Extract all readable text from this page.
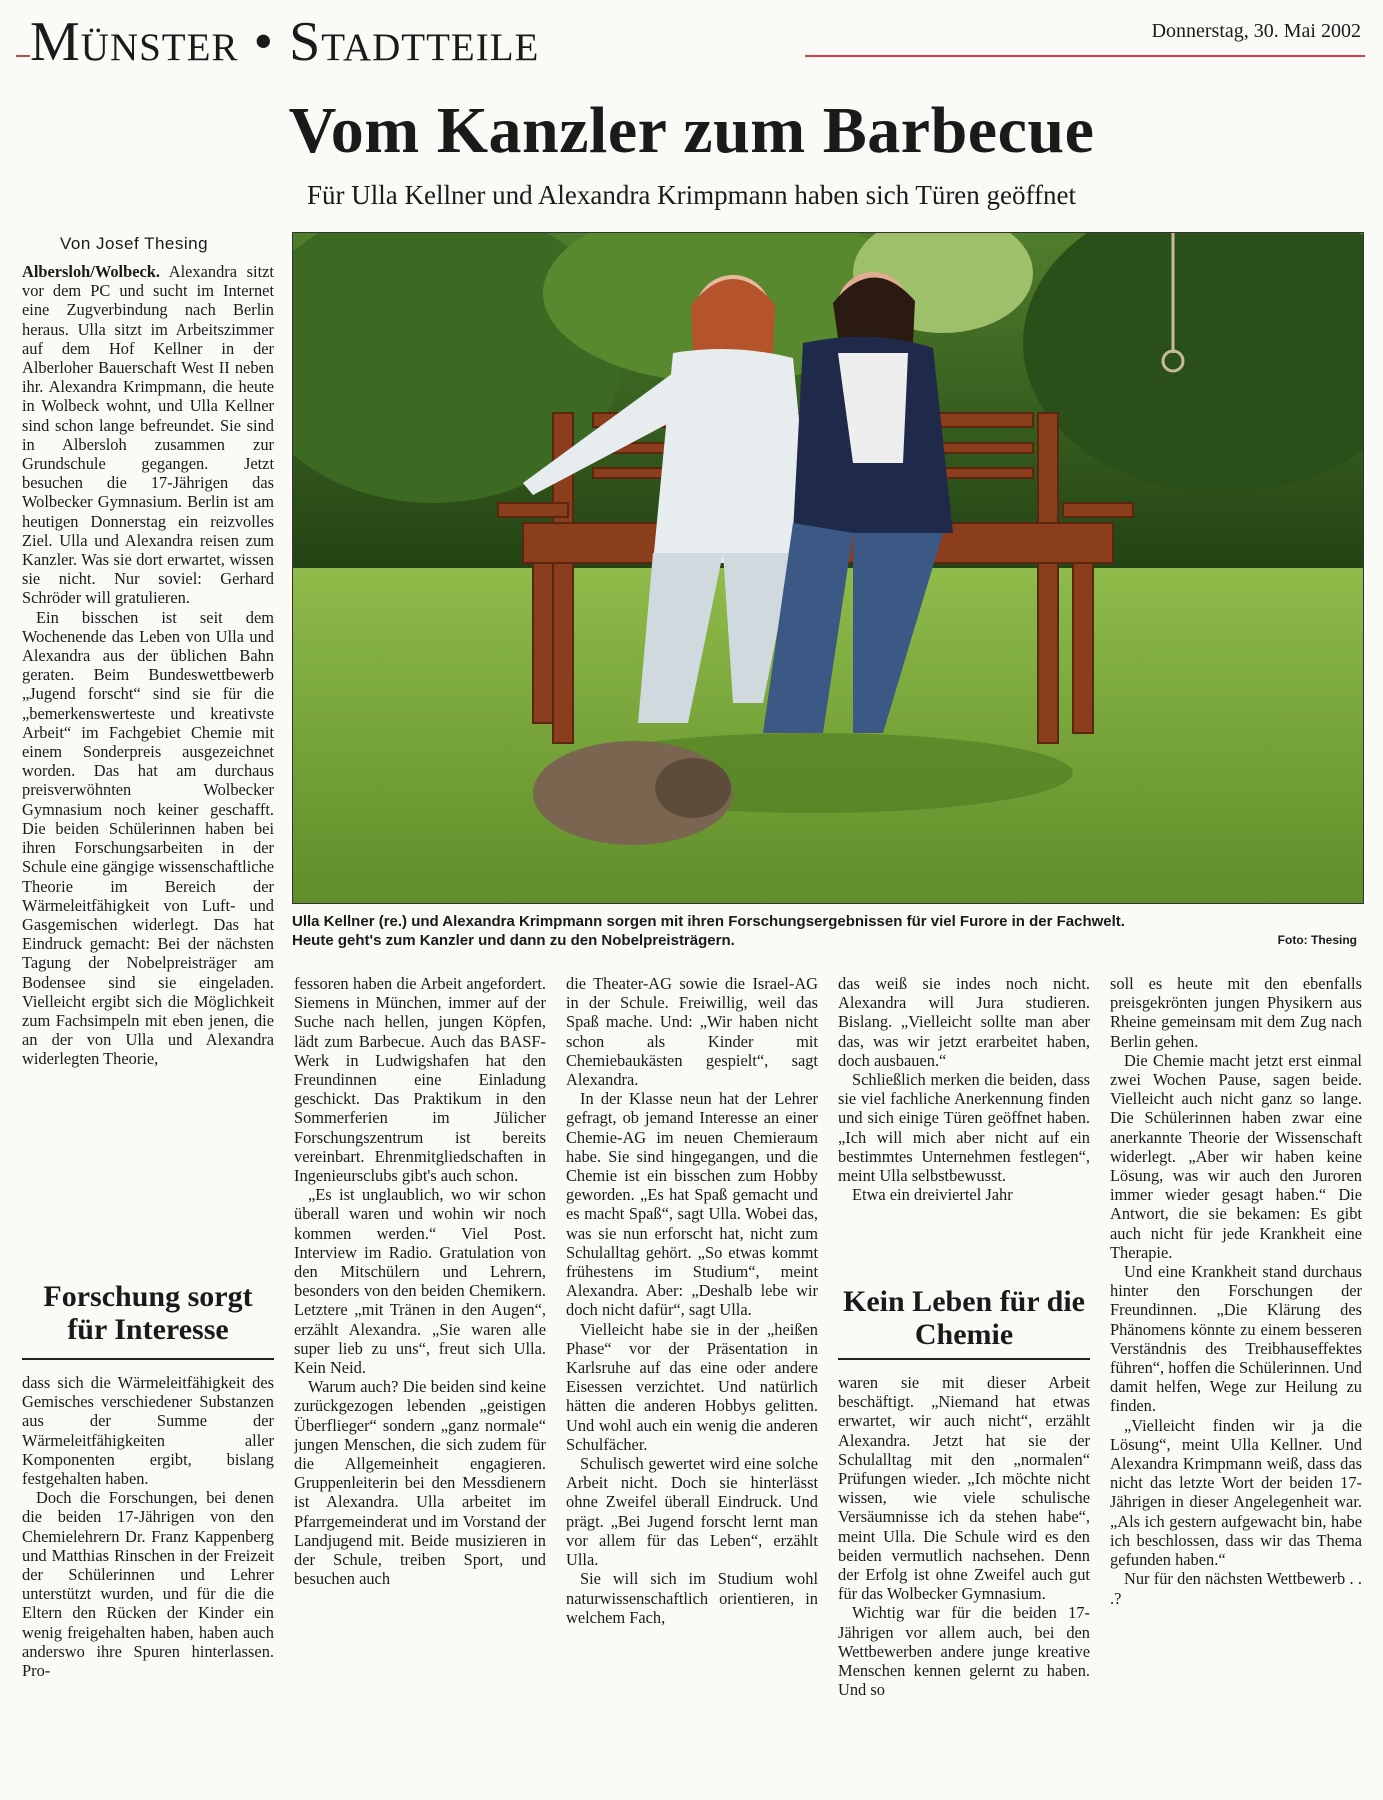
Münster • Stadtteile	Donnerstag, 30. Mai 2002
Vom Kanzler zum Barbecue
Für Ulla Kellner und Alexandra Krimpmann haben sich Türen geöffnet
Von Josef Thesing
Ulla Kellner (re.) und Alexandra Krimpmann sorgen mit ihren Forschungsergebnissen für viel Furore in der Fachwelt.
Heute geht's zum Kanzler und dann zu den Nobelpreisträgern.	Foto: Thesing

Albersloh/Wolbeck. Alexandra sitzt vor dem PC und sucht im Internet eine Zugverbindung nach Berlin heraus. Ulla sitzt im Arbeitszimmer auf dem Hof Kellner in der Alberloher Bauerschaft West II neben ihr. Alexandra Krimpmann, die heute in Wolbeck wohnt, und Ulla Kellner sind schon lange befreundet. Sie sind in Albersloh zusammen zur Grundschule gegangen. Jetzt besuchen die 17-Jährigen das Wolbecker Gymnasium. Berlin ist am heutigen Donnerstag ein reizvolles Ziel. Ulla und Alexandra reisen zum Kanzler. Was sie dort erwartet, wissen sie nicht. Nur soviel: Gerhard Schröder will gratulieren.

Ein bisschen ist seit dem Wochenende das Leben von Ulla und Alexandra aus der üblichen Bahn geraten. Beim Bundeswettbewerb „Jugend forscht“ sind sie für die „bemerkenswerteste und kreativste Arbeit“ im Fachgebiet Chemie mit einem Sonderpreis ausgezeichnet worden. Das hat am durchaus preisverwöhnten Wolbecker Gymnasium noch keiner geschafft. Die beiden Schülerinnen haben bei ihren Forschungsarbeiten in der Schule eine gängige wissenschaftliche Theorie im Bereich der Wärmeleitfähigkeit von Luft- und Gasgemischen widerlegt. Das hat Eindruck gemacht: Bei der nächsten Tagung der Nobelpreisträger am Bodensee sind sie eingeladen. Vielleicht ergibt sich die Möglichkeit zum Fachsimpeln mit eben jenen, die an der von Ulla und Alexandra widerlegten Theorie,

Forschung sorgt für Interesse

dass sich die Wärmeleitfähigkeit des Gemisches verschiedener Substanzen aus der Summe der Wärmeleitfähigkeiten aller Komponenten ergibt, bislang festgehalten haben.

Doch die Forschungen, bei denen die beiden 17-Jährigen von den Chemielehrern Dr. Franz Kappenberg und Matthias Rinschen in der Freizeit der Schülerinnen und Lehrer unterstützt wurden, und für die die Eltern den Rücken der Kinder ein wenig freigehalten haben, haben auch anderswo ihre Spuren hinterlassen. Pro-

fessoren haben die Arbeit angefordert. Siemens in München, immer auf der Suche nach hellen, jungen Köpfen, lädt zum Barbecue. Auch das BASF-Werk in Ludwigshafen hat den Freundinnen eine Einladung geschickt. Das Praktikum in den Sommerferien im Jülicher Forschungszentrum ist bereits vereinbart. Ehrenmitgliedschaften in Ingenieursclubs gibt's auch schon.

„Es ist unglaublich, wo wir schon überall waren und wohin wir noch kommen werden.“ Viel Post. Interview im Radio. Gratulation von den Mitschülern und Lehrern, besonders von den beiden Chemikern. Letztere „mit Tränen in den Augen“, erzählt Alexandra. „Sie waren alle super lieb zu uns“, freut sich Ulla. Kein Neid.

Warum auch? Die beiden sind keine zurückgezogen lebenden „geistigen Überflieger“ sondern „ganz normale“ jungen Menschen, die sich zudem für die Allgemeinheit engagieren. Gruppenleiterin bei den Messdienern ist Alexandra. Ulla arbeitet im Pfarrgemeinderat und im Vorstand der Landjugend mit. Beide musizieren in der Schule, treiben Sport, und besuchen auch

die Theater-AG sowie die Israel-AG in der Schule. Freiwillig, weil das Spaß mache. Und: „Wir haben nicht schon als Kinder mit Chemiebaukästen gespielt“, sagt Alexandra.

In der Klasse neun hat der Lehrer gefragt, ob jemand Interesse an einer Chemie-AG im neuen Chemieraum habe. Sie sind hingegangen, und die Chemie ist ein bisschen zum Hobby geworden. „Es hat Spaß gemacht und es macht Spaß“, sagt Ulla. Wobei das, was sie nun erforscht hat, nicht zum Schulalltag gehört. „So etwas kommt frühestens im Studium“, meint Alexandra. Aber: „Deshalb lebe wir doch nicht dafür“, sagt Ulla.

Vielleicht habe sie in der „heißen Phase“ vor der Präsentation in Karlsruhe auf das eine oder andere Eisessen verzichtet. Und natürlich hätten die anderen Hobbys gelitten. Und wohl auch ein wenig die anderen Schulfächer.

Schulisch gewertet wird eine solche Arbeit nicht. Doch sie hinterlässt ohne Zweifel überall Eindruck. Und prägt. „Bei Jugend forscht lernt man vor allem für das Leben“, erzählt Ulla.

Sie will sich im Studium wohl naturwissenschaftlich orientieren, in welchem Fach,

das weiß sie indes noch nicht. Alexandra will Jura studieren. Bislang. „Vielleicht sollte man aber das, was wir jetzt erarbeitet haben, doch ausbauen.“

Schließlich merken die beiden, dass sie viel fachliche Anerkennung finden und sich einige Türen geöffnet haben. „Ich will mich aber nicht auf ein bestimmtes Unternehmen festlegen“, meint Ulla selbstbewusst.

Etwa ein dreiviertel Jahr

Kein Leben für die Chemie

waren sie mit dieser Arbeit beschäftigt. „Niemand hat etwas erwartet, wir auch nicht“, erzählt Alexandra. Jetzt hat sie der Schulalltag mit den „normalen“ Prüfungen wieder. „Ich möchte nicht wissen, wie viele schulische Versäumnisse ich da stehen habe“, meint Ulla. Die Schule wird es den beiden vermutlich nachsehen. Denn der Erfolg ist ohne Zweifel auch gut für das Wolbecker Gymnasium.

Wichtig war für die beiden 17-Jährigen vor allem auch, bei den Wettbewerben andere junge kreative Menschen kennen gelernt zu haben. Und so

soll es heute mit den ebenfalls preisgekrönten jungen Physikern aus Rheine gemeinsam mit dem Zug nach Berlin gehen.

Die Chemie macht jetzt erst einmal zwei Wochen Pause, sagen beide. Vielleicht auch nicht ganz so lange. Die Schülerinnen haben zwar eine anerkannte Theorie der Wissenschaft widerlegt. „Aber wir haben keine Lösung, was wir auch den Juroren immer wieder gesagt haben.“ Die Antwort, die sie bekamen: Es gibt auch nicht für jede Krankheit eine Therapie.

Und eine Krankheit stand durchaus hinter den Forschungen der Freundinnen. „Die Klärung des Phänomens könnte zu einem besseren Verständnis des Treibhauseffektes führen“, hoffen die Schülerinnen. Und damit helfen, Wege zur Heilung zu finden.

„Vielleicht finden wir ja die Lösung“, meint Ulla Kellner. Und Alexandra Krimpmann weiß, dass das nicht das letzte Wort der beiden 17-Jährigen in dieser Angelegenheit war. „Als ich gestern aufgewacht bin, habe ich beschlossen, dass wir das Thema gefunden haben.“

Nur für den nächsten Wettbewerb . . .?
